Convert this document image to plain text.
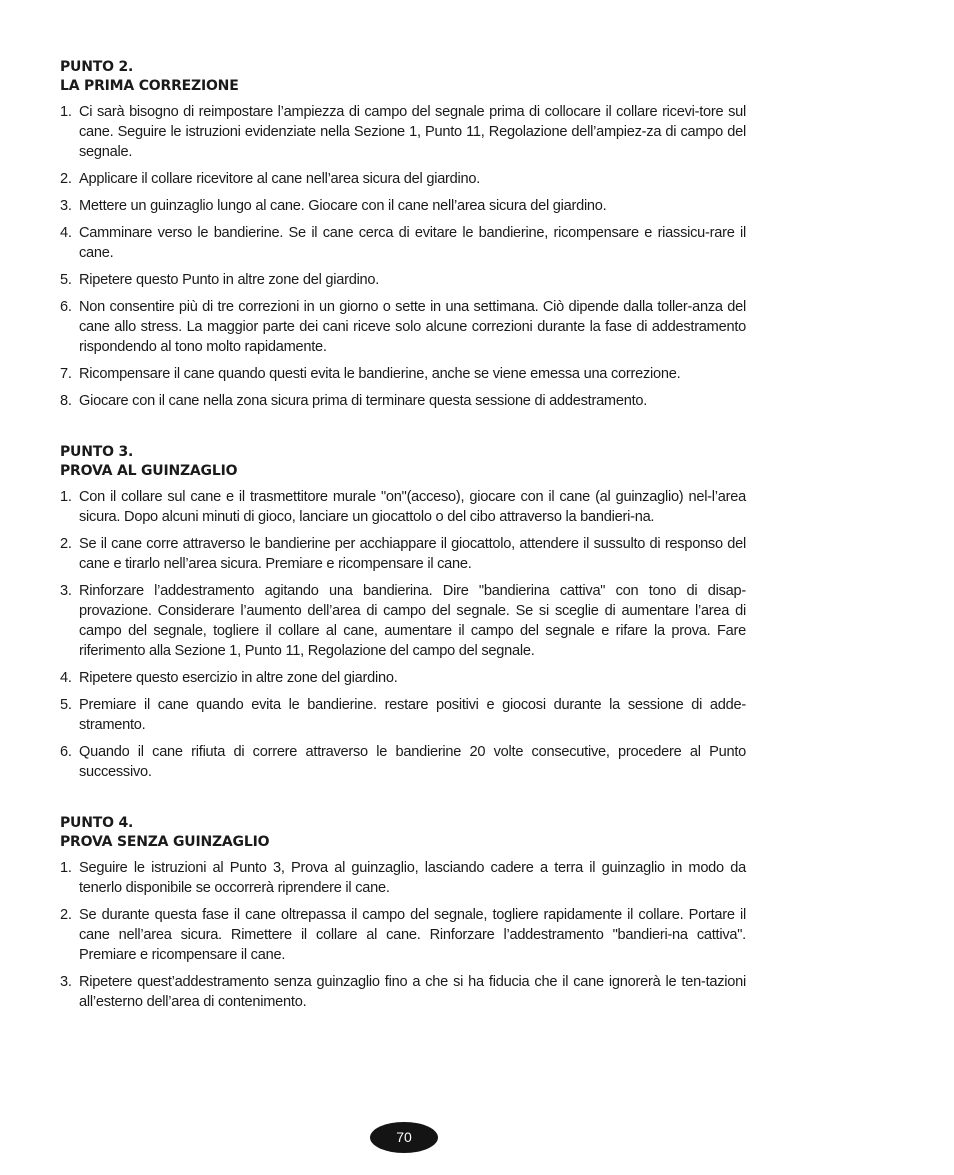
PUNTO 2.
LA PRIMA CORREZIONE
1. Ci sarà bisogno di reimpostare l’ampiezza di campo del segnale prima di collocare il collare ricevi-tore sul cane. Seguire le istruzioni evidenziate nella Sezione 1, Punto 11, Regolazione dell’ampiez-za di campo del segnale.
2. Applicare il collare ricevitore al cane nell’area sicura del giardino.
3. Mettere un guinzaglio lungo al cane. Giocare con il cane nell’area sicura del giardino.
4. Camminare verso le bandierine. Se il cane cerca di evitare le bandierine, ricompensare e riassicu-rare il cane.
5. Ripetere questo Punto in altre zone del giardino.
6. Non consentire più di tre correzioni in un giorno o sette in una settimana. Ciò dipende dalla toller-anza del cane allo stress. La maggior parte dei cani riceve solo alcune correzioni durante la fase di addestramento rispondendo al tono molto rapidamente.
7. Ricompensare il cane quando questi evita le bandierine, anche se viene emessa una correzione.
8. Giocare con il cane nella zona sicura prima di terminare questa sessione di addestramento.
PUNTO 3.
PROVA AL GUINZAGLIO
1. Con il collare sul cane e il trasmettitore murale "on"(acceso), giocare con il cane (al guinzaglio) nel-l’area sicura. Dopo alcuni minuti di gioco, lanciare un giocattolo o del cibo attraverso la bandieri-na.
2. Se il cane corre attraverso le bandierine per acchiappare il giocattolo, attendere il sussulto di responso del cane e tirarlo nell’area sicura. Premiare e ricompensare il cane.
3. Rinforzare l’addestramento agitando una bandierina. Dire "bandierina cattiva" con tono di disap-provazione. Considerare l’aumento dell’area di campo del segnale. Se si sceglie di aumentare l’area di campo del segnale, togliere il collare al cane, aumentare il campo del segnale e rifare la prova. Fare riferimento alla Sezione 1, Punto 11, Regolazione del campo del segnale.
4. Ripetere questo esercizio in altre zone del giardino.
5. Premiare il cane quando evita le bandierine. restare positivi e giocosi durante la sessione di adde-stramento.
6. Quando il cane rifiuta di correre attraverso le bandierine 20 volte consecutive, procedere al Punto successivo.
PUNTO 4.
PROVA SENZA GUINZAGLIO
1. Seguire le istruzioni al Punto 3, Prova al guinzaglio, lasciando cadere a terra il guinzaglio in modo da tenerlo disponibile se occorrerà riprendere il cane.
2. Se durante questa fase il cane oltrepassa il campo del segnale, togliere rapidamente il collare. Portare il cane nell’area sicura. Rimettere il collare al cane. Rinforzare l’addestramento "bandieri-na cattiva". Premiare e ricompensare il cane.
3. Ripetere quest’addestramento senza guinzaglio fino a che si ha fiducia che il cane ignorerà le ten-tazioni all’esterno dell’area di contenimento.
70
